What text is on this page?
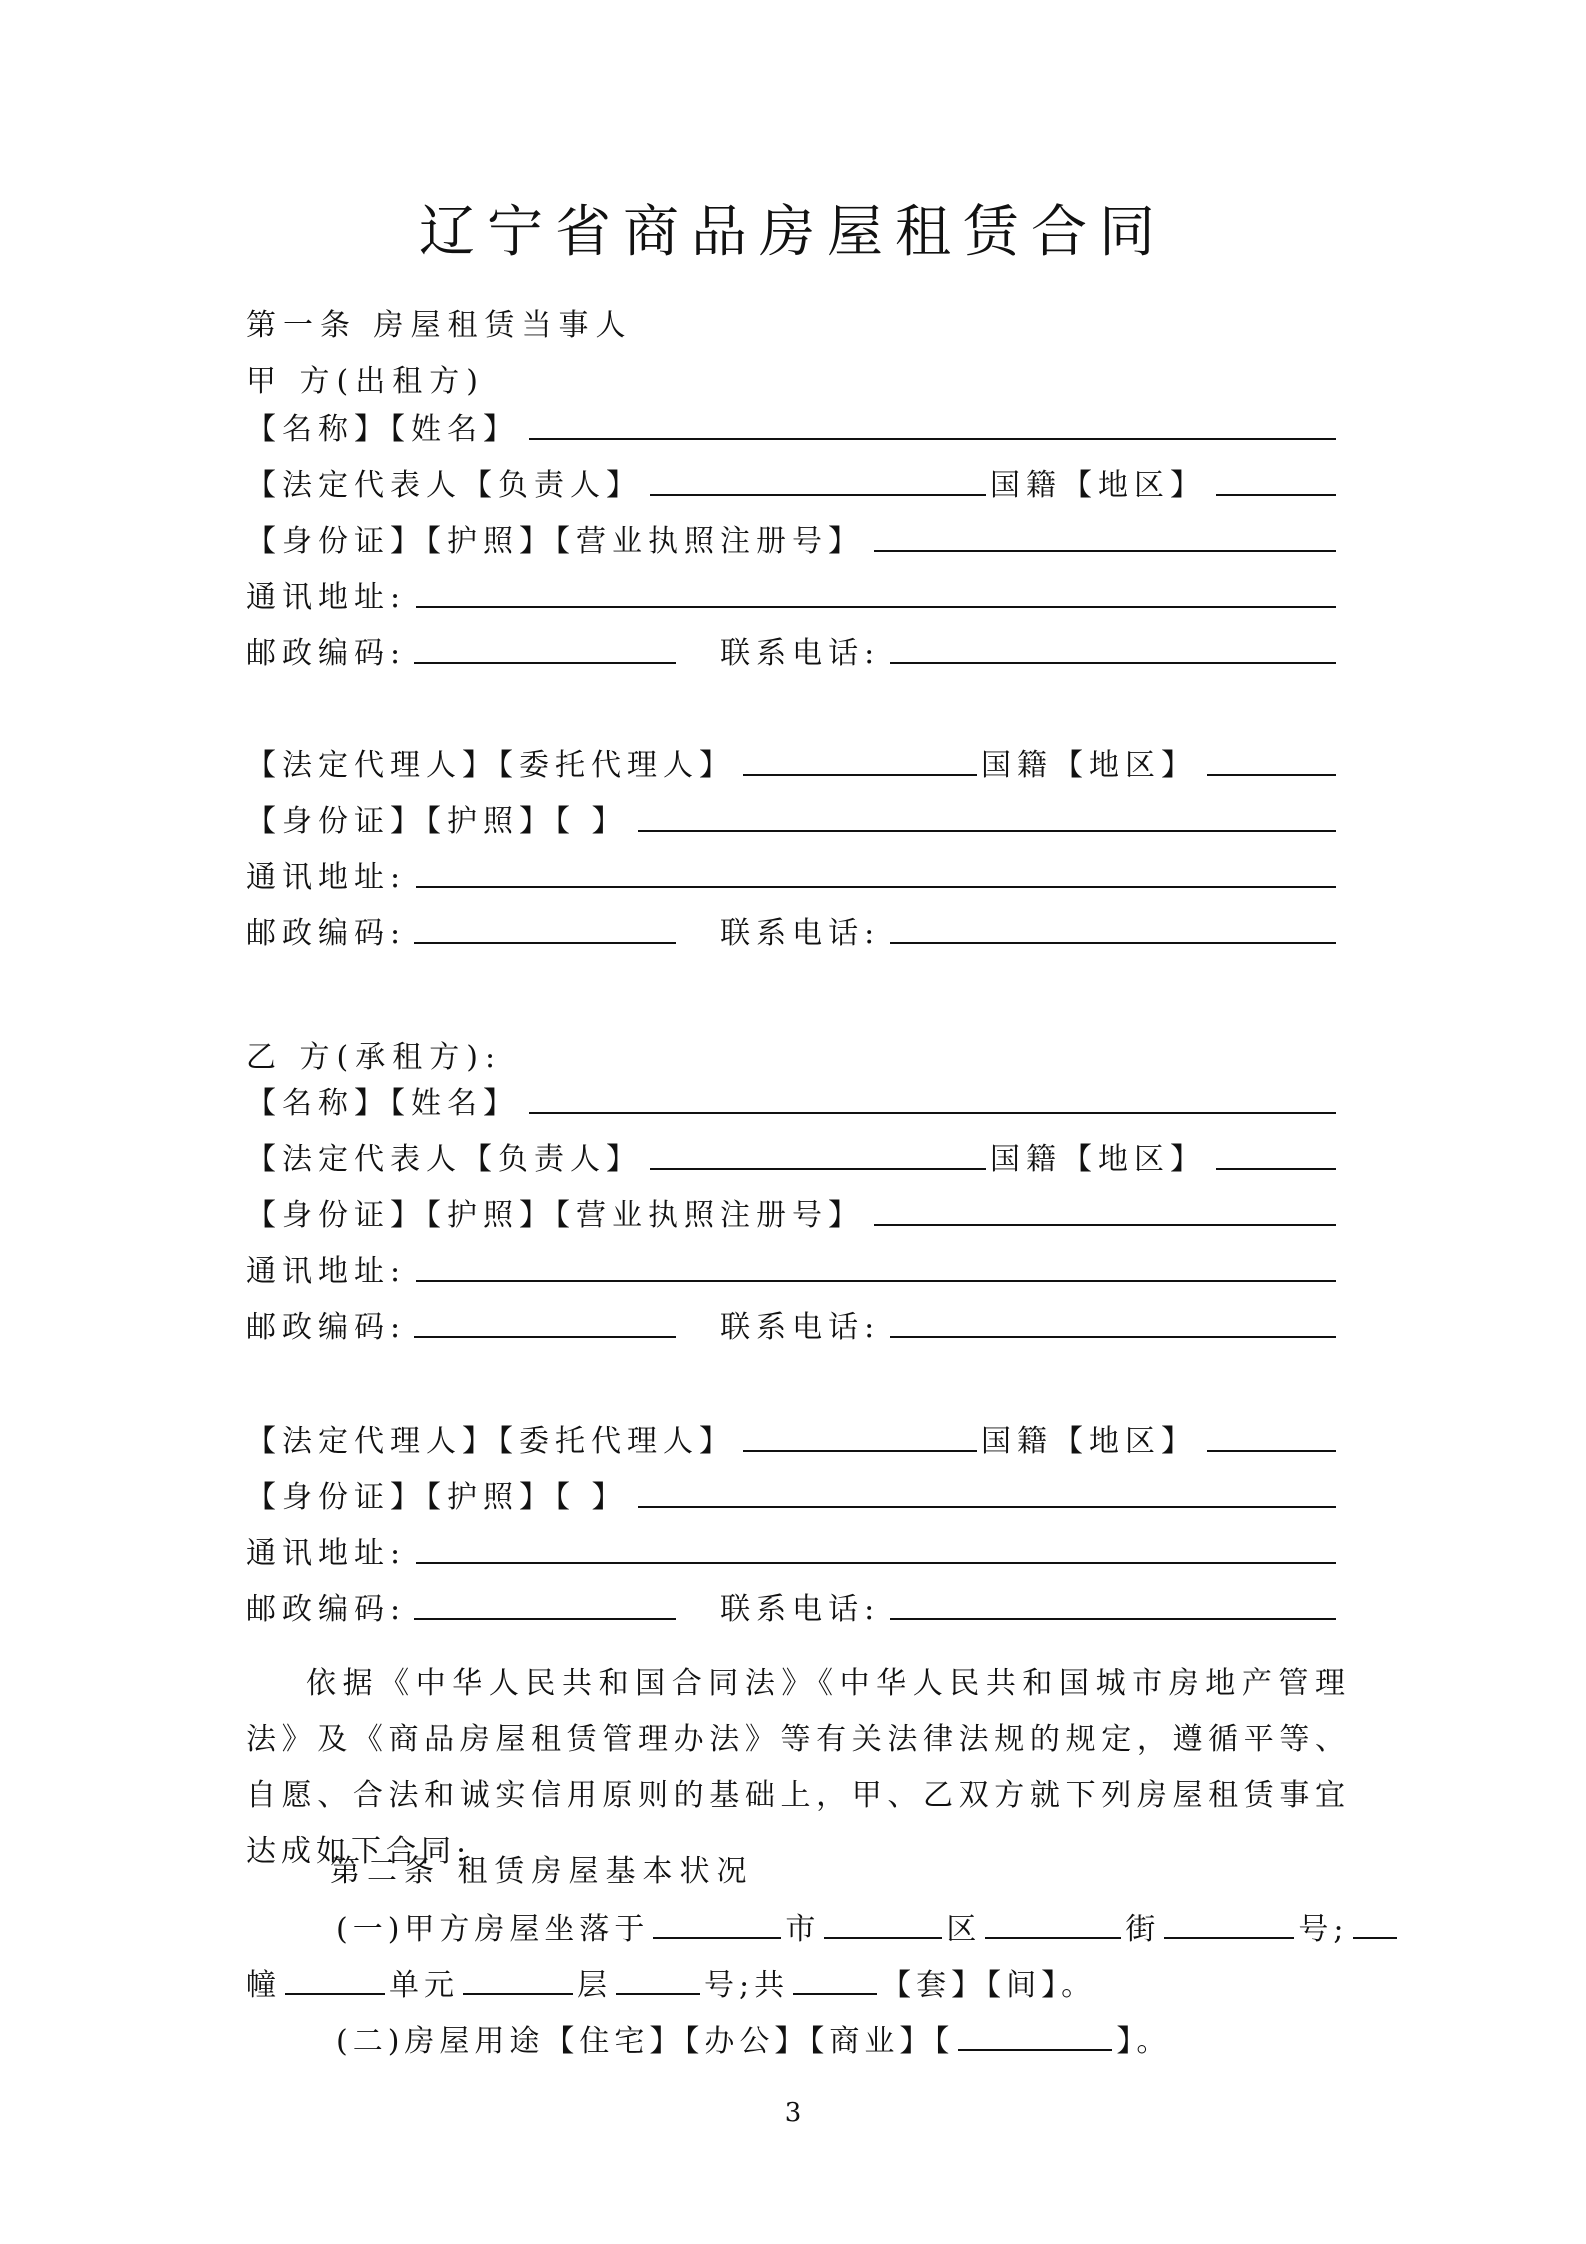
辽宁省商品房屋租赁合同
第一条 房屋租赁当事人
甲 方(出租方)
【名称】【姓名】
【法定代表人【负责人】	国籍【地区】
【身份证】【护照】【营业执照注册号】
通讯地址:
邮政编码:	联系电话:
【法定代理人】【委托代理人】	国籍【地区】
【身份证】【护照】【 】
通讯地址:
邮政编码:	联系电话:
乙 方(承租方):
【名称】【姓名】
【法定代表人【负责人】	国籍【地区】
【身份证】【护照】【营业执照注册号】
通讯地址:
邮政编码:	联系电话:
【法定代理人】【委托代理人】	国籍【地区】
【身份证】【护照】【 】
通讯地址:
邮政编码:	联系电话:

依据《中华人民共和国合同法》《中华人民共和国城市房地产管理法》及《商品房屋租赁管理办法》等有关法律法规的规定，遵循平等、自愿、合法和诚实信用原则的基础上，甲、乙双方就下列房屋租赁事宜达成如下合同:

第二条 租赁房屋基本状况
(一)甲方房屋坐落于	市	区	街	号;
幢	单元	层	号;共	【套】【间】。
(二)房屋用途【住宅】【办公】【商业】【	】。
3
